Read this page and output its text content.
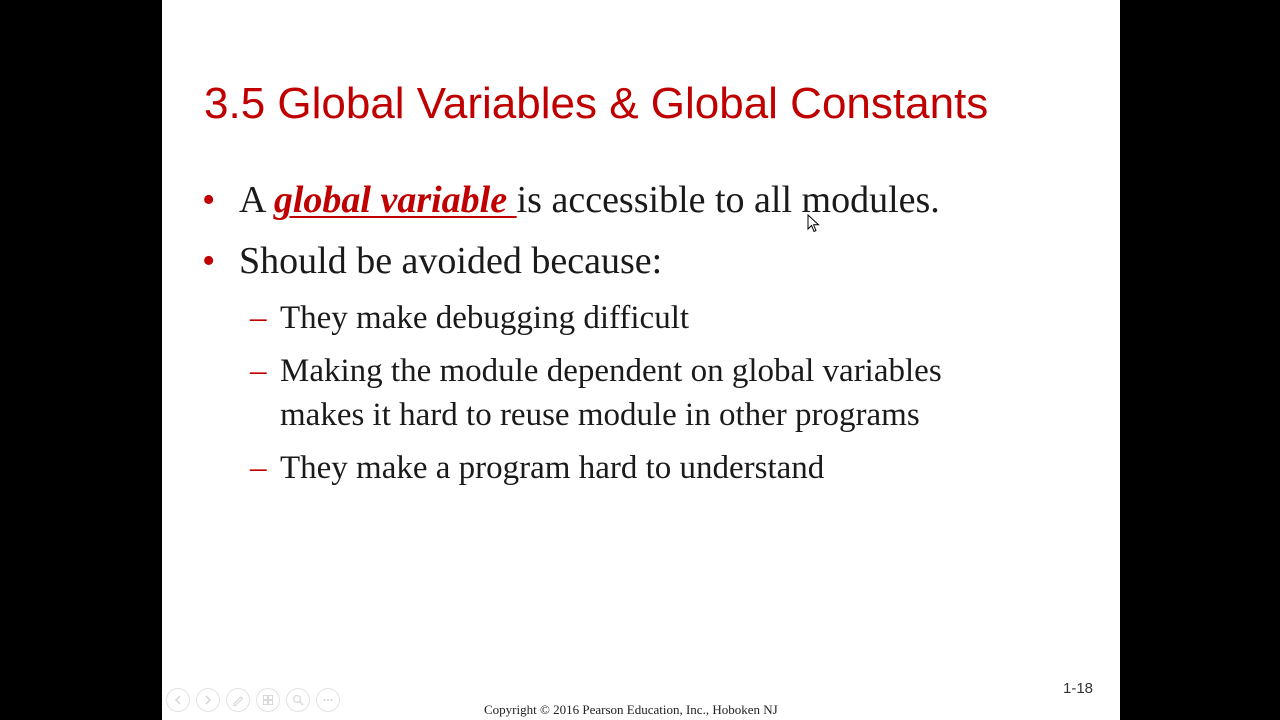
3.5 Global Variables & Global Constants
• A global variable is accessible to all modules.
• Should be avoided because:
– They make debugging difficult
– Making the module dependent on global variables
makes it hard to reuse module in other programs
– They make a program hard to understand
1-18
Copyright © 2016 Pearson Education, Inc., Hoboken NJ
